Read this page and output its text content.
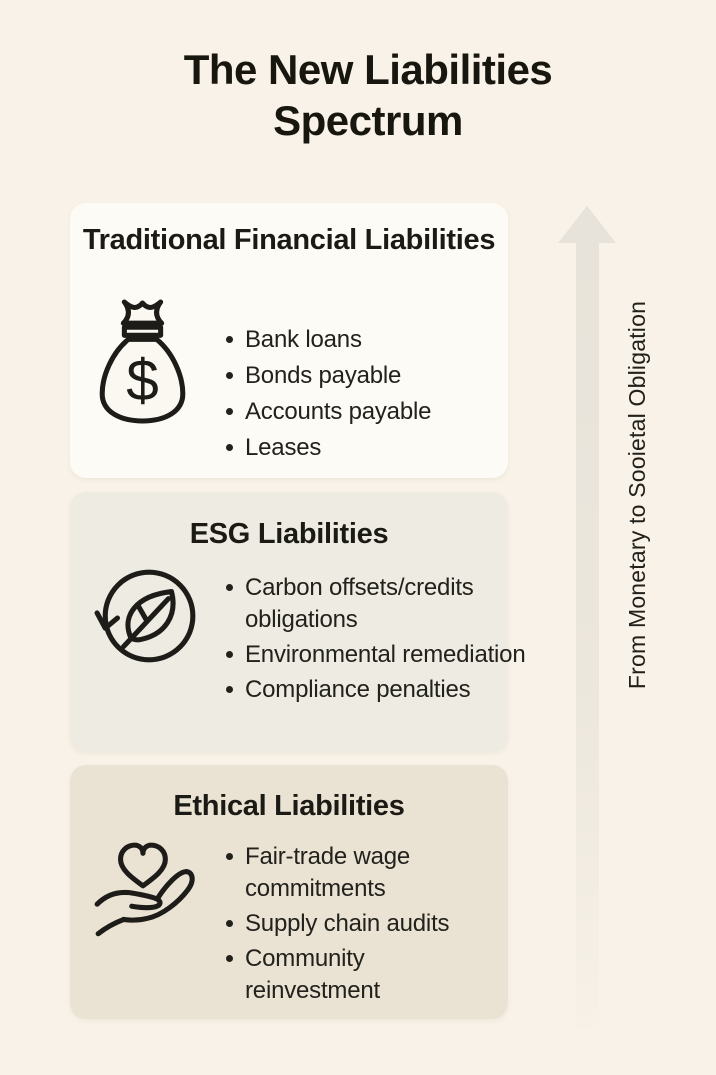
The New Liabilities Spectrum
From Monetary to Sooietal Obligation
Traditional Financial Liabilities
$
Bank loans
Bonds payable
Accounts payable
Leases
ESG Liabilities
Carbon offsets/credits obligations
Environmental remediation
Compliance penalties
Ethical Liabilities
Fair-trade wage commitments
Supply chain audits
Community reinvestment
